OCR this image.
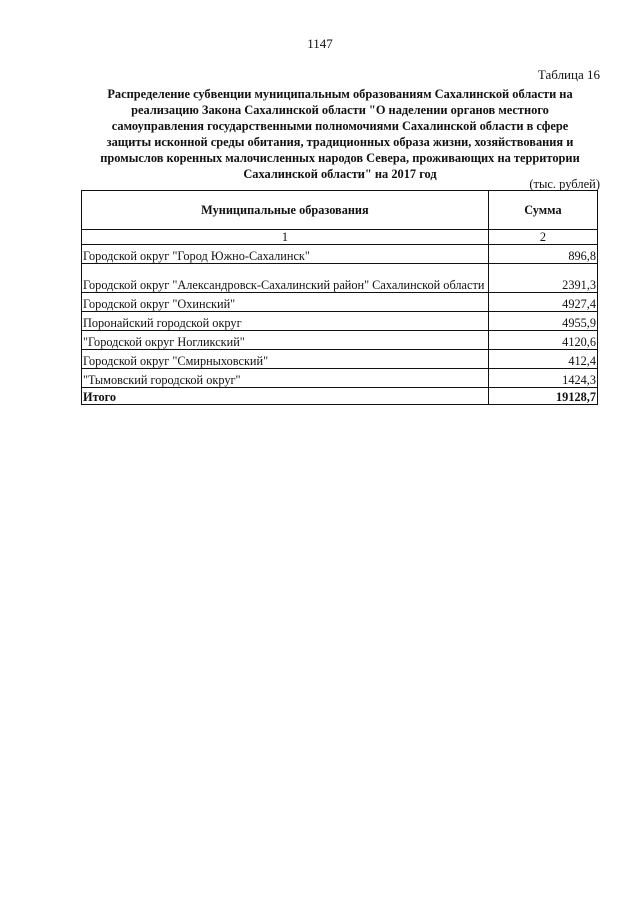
1147
Таблица 16
Распределение субвенции муниципальным образованиям Сахалинской области на
реализацию Закона Сахалинской области "О наделении органов местного
самоуправления государственными полномочиями Сахалинской области в сфере
защиты исконной среды обитания, традиционных образа жизни, хозяйствования и
промыслов коренных малочисленных народов Севера, проживающих на территории
Сахалинской области" на 2017 год
(тыс. рублей)
Муниципальные образования	Сумма
1	2
Городской округ "Город Южно-Сахалинск"	896,8
Городской округ "Александровск-Сахалинский район" Сахалинской области	2391,3
Городской округ "Охинский"	4927,4
Поронайский городской округ	4955,9
"Городской округ Ногликский"	4120,6
Городской округ "Смирныховский"	412,4
"Тымовский городской округ"	1424,3
Итого	19128,7
